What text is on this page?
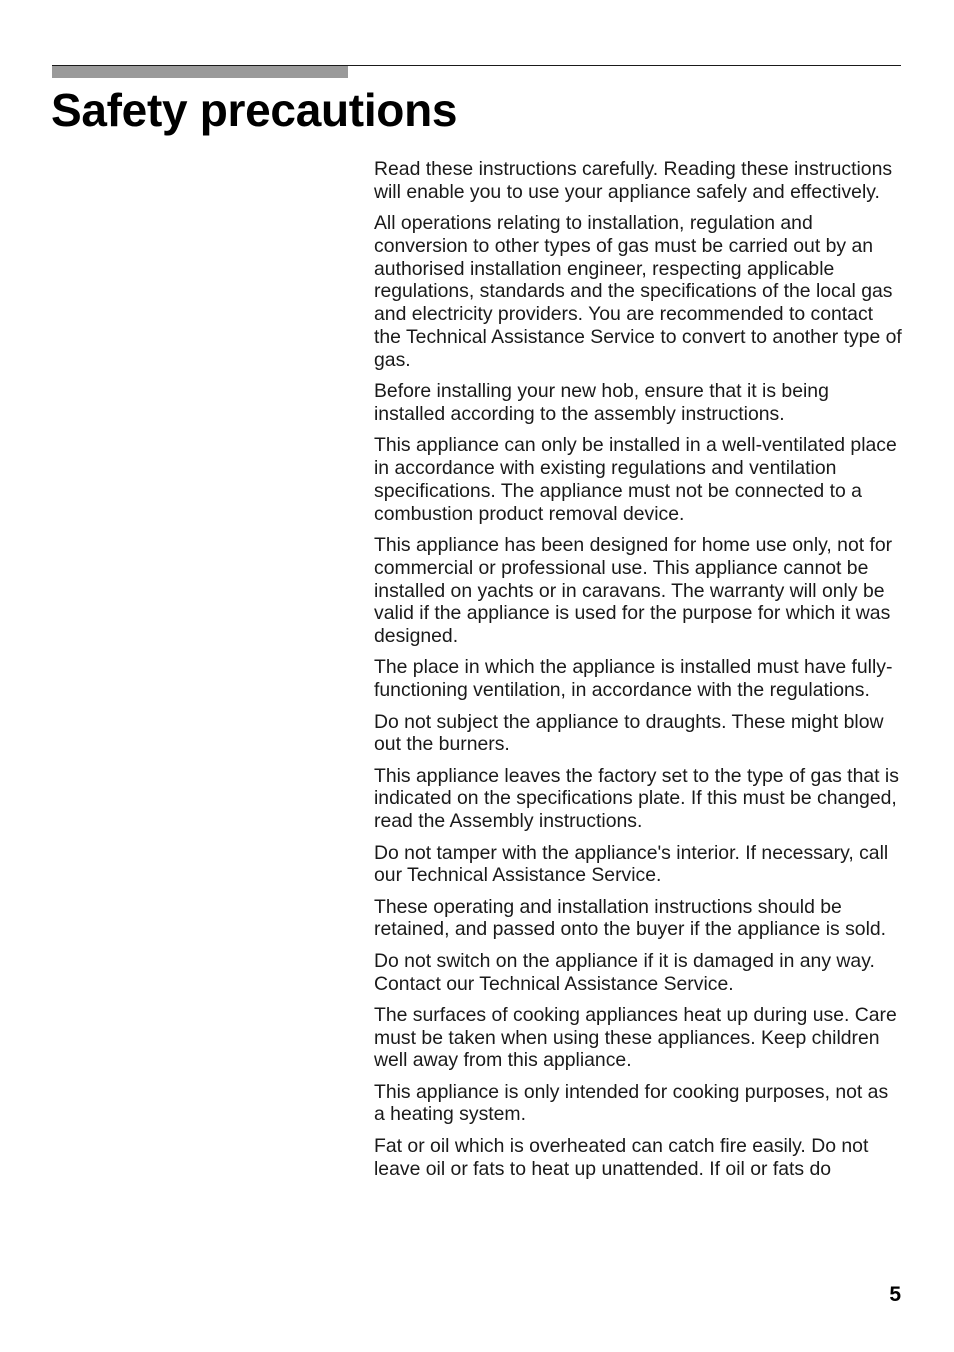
Safety precautions

Read these instructions carefully. Reading these instructions will enable you to use your appliance safely and effectively.

All operations relating to installation, regulation and conversion to other types of gas must be carried out by an authorised installation engineer, respecting applicable regulations, standards and the specifications of the local gas and electricity providers. You are recommended to contact the Technical Assistance Service to convert to another type of gas.

Before installing your new hob, ensure that it is being installed according to the assembly instructions.

This appliance can only be installed in a well-ventilated place in accordance with existing regulations and ventilation specifications. The appliance must not be connected to a combustion product removal device.

This appliance has been designed for home use only, not for commercial or professional use. This appliance cannot be installed on yachts or in caravans. The warranty will only be valid if the appliance is used for the purpose for which it was designed.

The place in which the appliance is installed must have fully-functioning ventilation, in accordance with the regulations.

Do not subject the appliance to draughts. These might blow out the burners.

This appliance leaves the factory set to the type of gas that is indicated on the specifications plate. If this must be changed, read the Assembly instructions.

Do not tamper with the appliance's interior. If necessary, call our Technical Assistance Service.

These operating and installation instructions should be retained, and passed onto the buyer if the appliance is sold.

Do not switch on the appliance if it is damaged in any way. Contact our Technical Assistance Service.

The surfaces of cooking appliances heat up during use. Care must be taken when using these appliances. Keep children well away from this appliance.

This appliance is only intended for cooking purposes, not as a heating system.

Fat or oil which is overheated can catch fire easily. Do not leave oil or fats to heat up unattended. If oil or fats do

5
